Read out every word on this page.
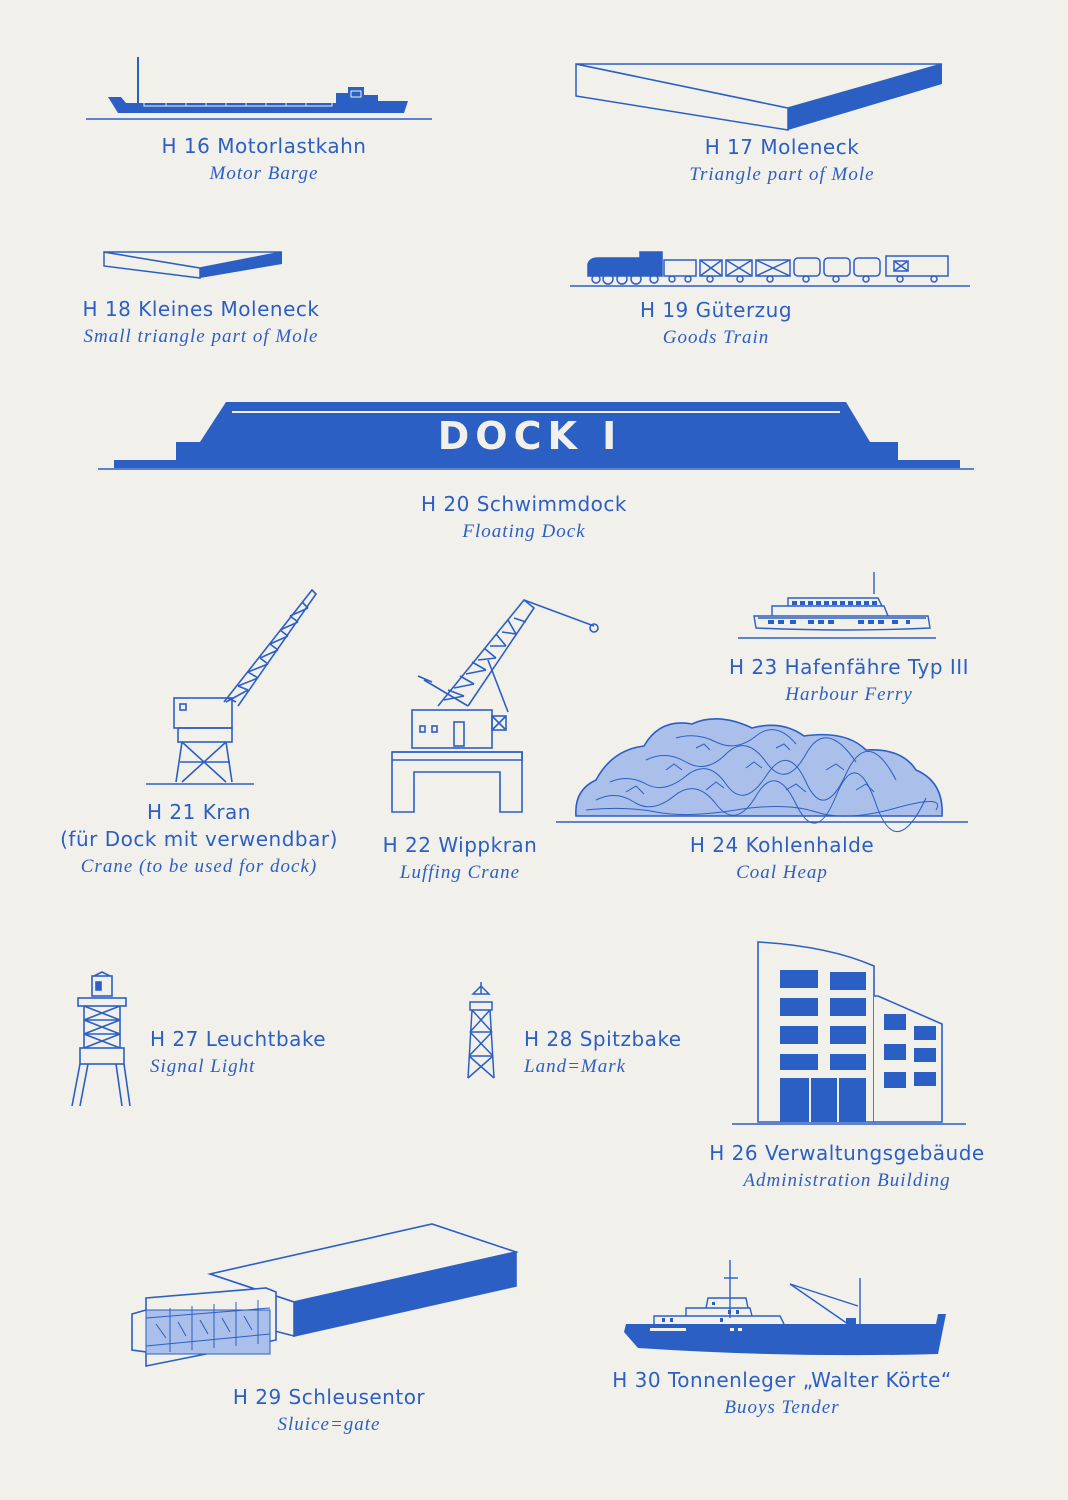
H 16 Motorlastkahn
Motor Barge
H 17 Moleneck
Triangle part of Mole
H 18 Kleines Moleneck
Small triangle part of Mole
H 19 Güterzug
Goods Train
DOCK I
H 20 Schwimmdock
Floating Dock
H 21 Kran
(für Dock mit verwendbar)
Crane (to be used for dock)
H 22 Wippkran
Luffing Crane
H 23 Hafenfähre Typ III
Harbour Ferry
H 24 Kohlenhalde
Coal Heap
H 27 Leuchtbake
Signal Light
H 28 Spitzbake
Land=Mark
H 26 Verwaltungsgebäude
Administration Building
H 29 Schleusentor
Sluice=gate
H 30 Tonnenleger „Walter Körte“
Buoys Tender
